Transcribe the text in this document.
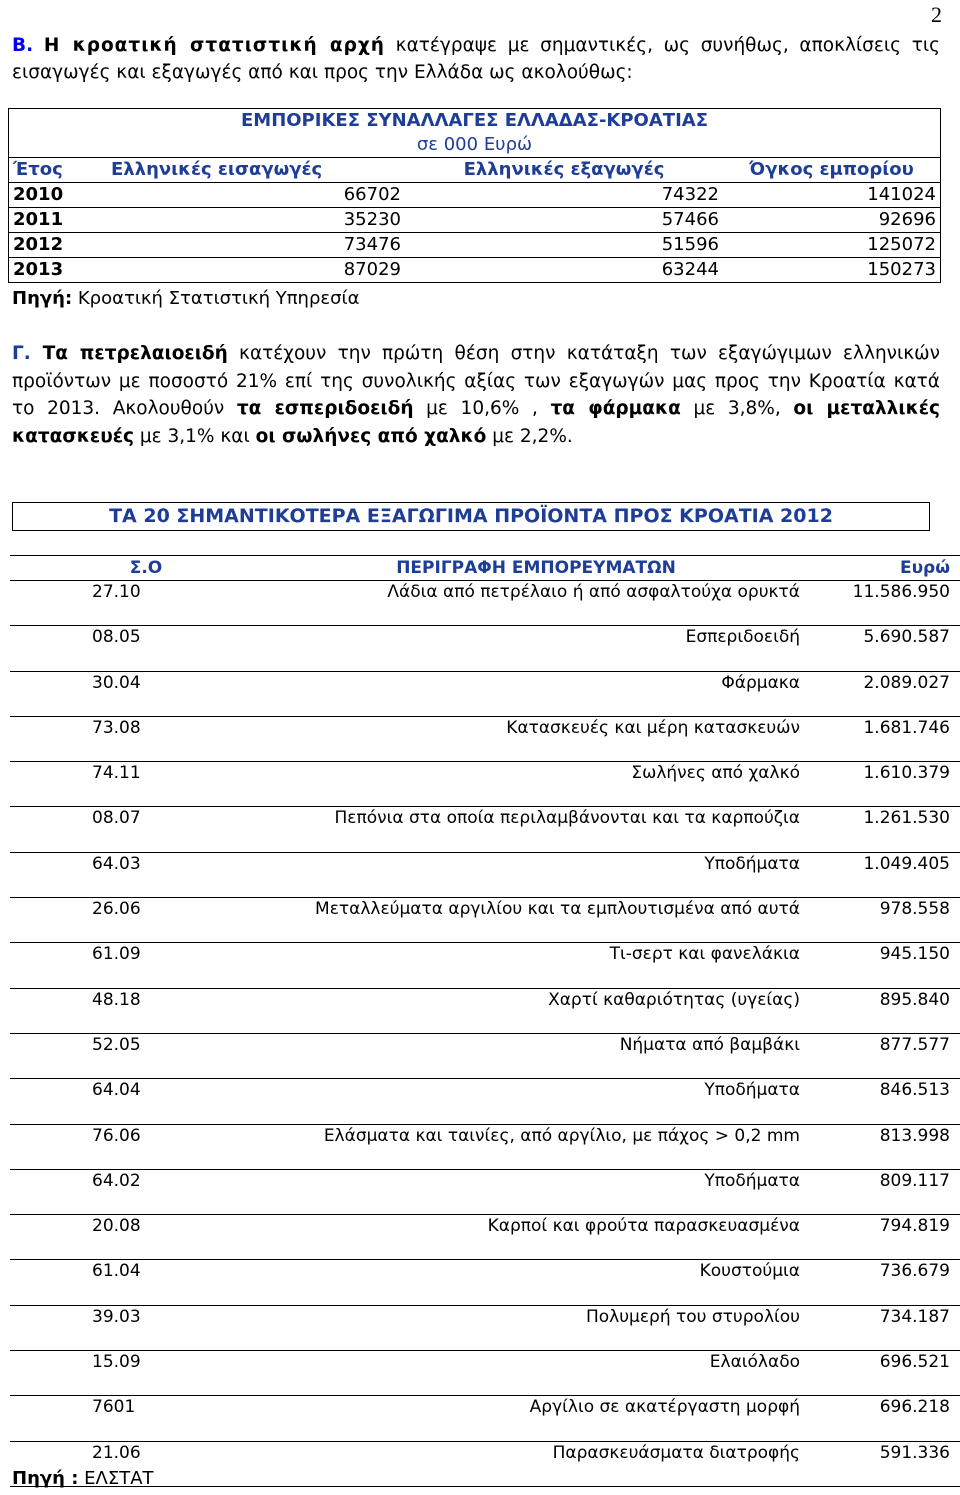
2
Β. Η κροατική στατιστική αρχή κατέγραψε με σημαντικές, ως συνήθως, αποκλίσεις τις εισαγωγές και εξαγωγές από και προς την Ελλάδα ως ακολούθως:
ΕΜΠΟΡΙΚΕΣ ΣΥΝΑΛΛΑΓΕΣ ΕΛΛΑΔΑΣ-ΚΡΟΑΤΙΑΣ			
σε 000 Ευρώ			
Έτος	Ελληνικές εισαγωγές	Ελληνικές εξαγωγές	Όγκος εμπορίου
2010	66702	74322	141024
2011	35230	57466	92696
2012	73476	51596	125072
2013	87029	63244	150273
Πηγή: Κροατική Στατιστική Υπηρεσία
Γ. Τα πετρελαιοειδή κατέχουν την πρώτη θέση στην κατάταξη των εξαγώγιμων ελληνικών προϊόντων με ποσοστό 21% επί της συνολικής αξίας των εξαγωγών μας προς την Κροατία κατά το 2013. Ακολουθούν τα εσπεριδοειδή με 10,6% , τα φάρμακα με 3,8%, οι μεταλλικές κατασκευές με 3,1% και οι σωλήνες από χαλκό με 2,2%.
ΤΑ 20 ΣΗΜΑΝΤΙΚΟΤΕΡΑ ΕΞΑΓΩΓΙΜΑ ΠΡΟΪΟΝΤΑ ΠΡΟΣ ΚΡΟΑΤΙΑ 2012
Σ.Ο	ΠΕΡΙΓΡΑΦΗ ΕΜΠΟΡΕΥΜΑΤΩΝ	Ευρώ
27.10	Λάδια από πετρέλαιο ή από ασφαλτούχα ορυκτά	11.586.950
08.05	Εσπεριδοειδή	5.690.587
30.04	Φάρμακα	2.089.027
73.08	Κατασκευές και μέρη κατασκευών	1.681.746
74.11	Σωλήνες από χαλκό	1.610.379
08.07	Πεπόνια στα οποία περιλαμβάνονται και τα καρπούζια	1.261.530
64.03	Υποδήματα	1.049.405
26.06	Μεταλλεύματα αργιλίου και τα εμπλουτισμένα από αυτά	978.558
61.09	Τι-σερτ και φανελάκια	945.150
48.18	Χαρτί καθαριότητας (υγείας)	895.840
52.05	Νήματα από βαμβάκι	877.577
64.04	Υποδήματα	846.513
76.06	Ελάσματα και ταινίες, από αργίλιο, με πάχος > 0,2 mm	813.998
64.02	Υποδήματα	809.117
20.08	Καρποί και φρούτα παρασκευασμένα	794.819
61.04	Κουστούμια	736.679
39.03	Πολυμερή του στυρολίου	734.187
15.09	Ελαιόλαδο	696.521
7601	Αργίλιο σε ακατέργαστη μορφή	696.218
21.06	Παρασκευάσματα διατροφής	591.336
Πηγή : ΕΛΣΤΑΤ
